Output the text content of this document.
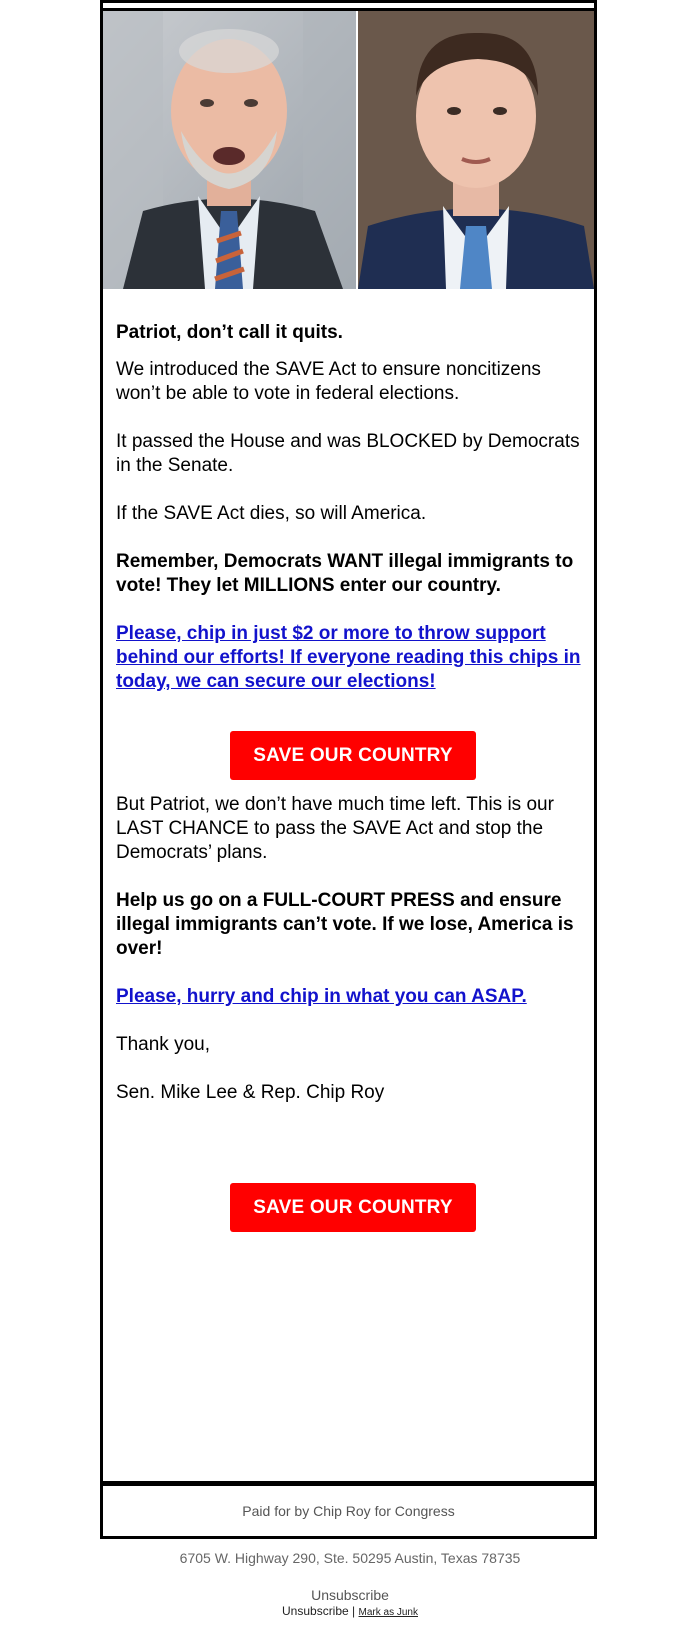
Patriot, don’t call it quits.

We introduced the SAVE Act to ensure noncitizens won’t be able to vote in federal elections.

It passed the House and was BLOCKED by Democrats in the Senate.

If the SAVE Act dies, so will America.

Remember, Democrats WANT illegal immigrants to vote! They let MILLIONS enter our country.

Please, chip in just $2 or more to throw support behind our efforts! If everyone reading this chips in today, we can secure our elections!

SAVE OUR COUNTRY

But Patriot, we don’t have much time left. This is our LAST CHANCE to pass the SAVE Act and stop the Democrats’ plans.

Help us go on a FULL-COURT PRESS and ensure illegal immigrants can’t vote. If we lose, America is over!

Please, hurry and chip in what you can ASAP.

Thank you,

Sen. Mike Lee & Rep. Chip Roy

SAVE OUR COUNTRY
Paid for by Chip Roy for Congress
6705 W. Highway 290, Ste. 50295 Austin, Texas 78735
Unsubscribe
Unsubscribe | Mark as Junk
